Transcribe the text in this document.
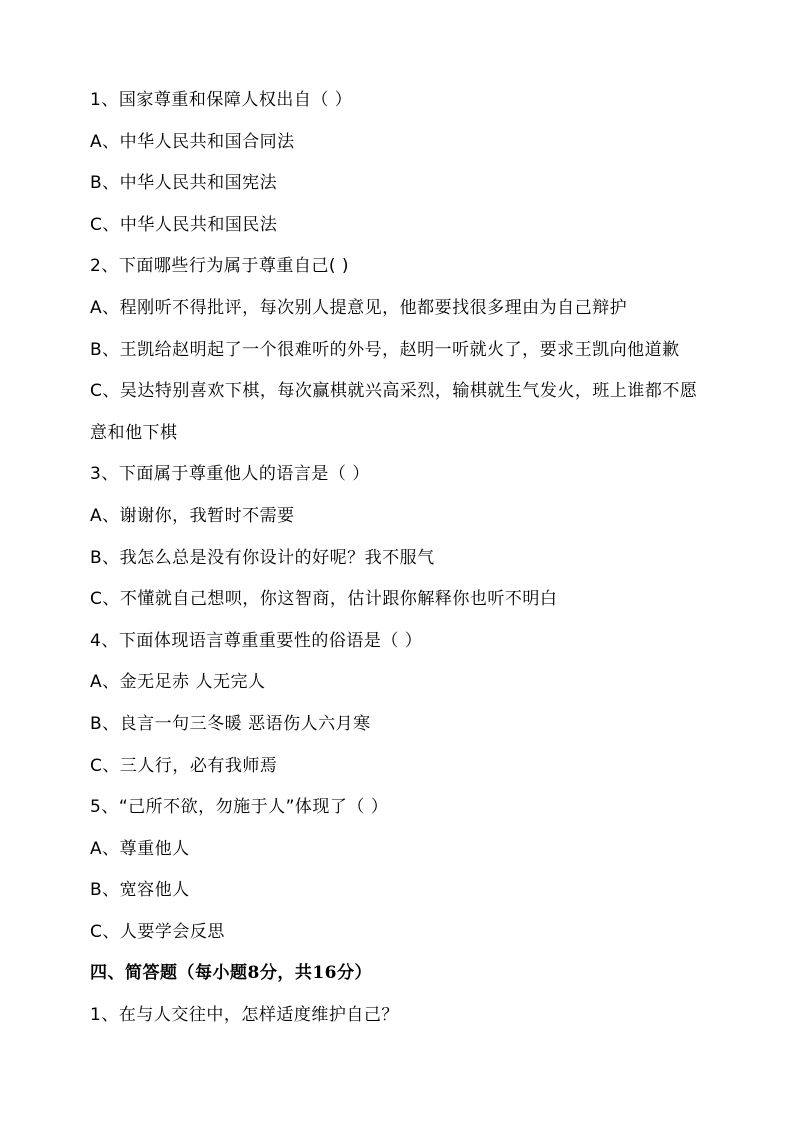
1、国家尊重和保障人权出自（ ）
A、中华人民共和国合同法
B、中华人民共和国宪法
C、中华人民共和国民法
2、下面哪些行为属于尊重自己( )
A、程刚听不得批评，每次别人提意见，他都要找很多理由为自己辩护
B、王凯给赵明起了一个很难听的外号，赵明一听就火了，要求王凯向他道歉
C、吴达特别喜欢下棋，每次赢棋就兴高采烈，输棋就生气发火，班上谁都不愿意和他下棋
3、下面属于尊重他人的语言是（ ）
A、谢谢你，我暂时不需要
B、我怎么总是没有你设计的好呢？我不服气
C、不懂就自己想呗，你这智商，估计跟你解释你也听不明白
4、下面体现语言尊重重要性的俗语是（ ）
A、金无足赤 人无完人
B、良言一句三冬暖 恶语伤人六月寒
C、三人行，必有我师焉
5、“己所不欲，勿施于人”体现了（ ）
A、尊重他人
B、宽容他人
C、人要学会反思
四、简答题（每小题8分，共16分）
1、在与人交往中，怎样适度维护自己？
